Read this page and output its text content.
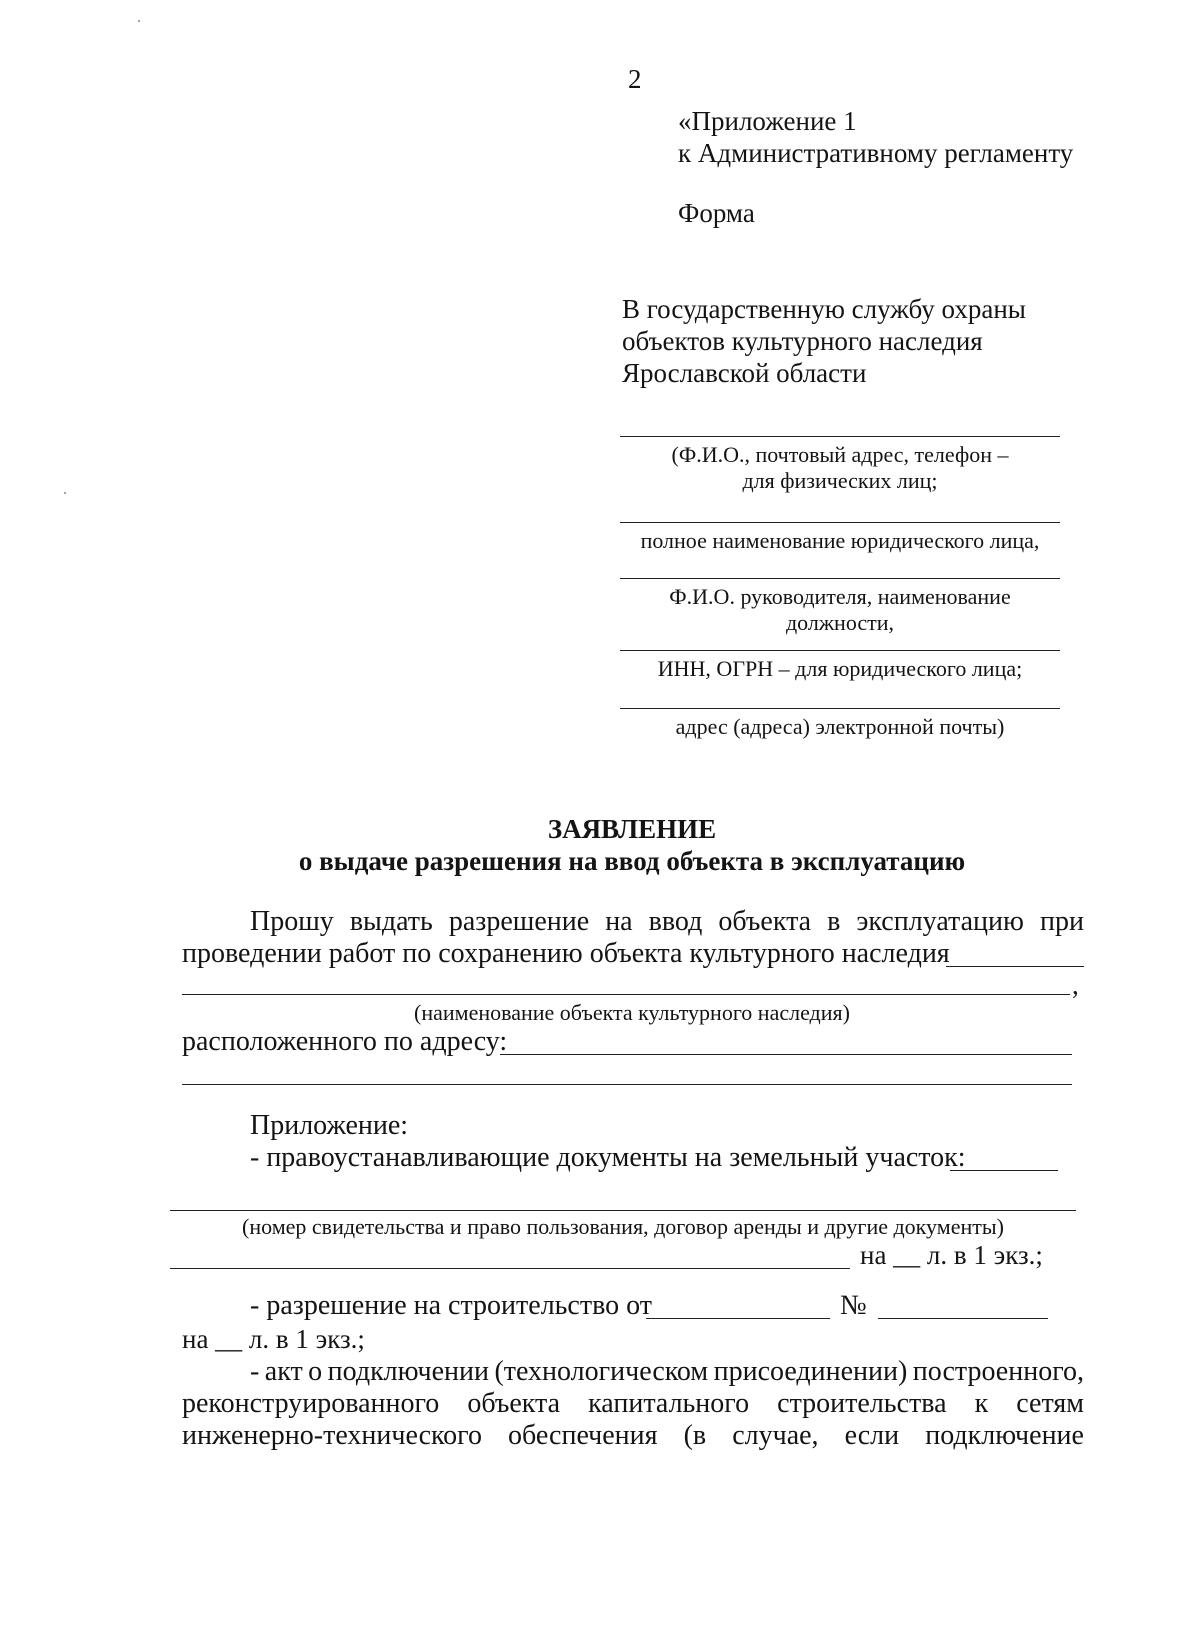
2
«Приложение 1
к Административному регламенту
Форма
В государственную службу охраны
объектов культурного наследия
Ярославской области
(Ф.И.О., почтовый адрес, телефон –
для физических лиц;
полное наименование юридического лица,
Ф.И.О. руководителя, наименование
должности,
ИНН, ОГРН – для юридического лица;
адрес (адреса) электронной почты)
ЗАЯВЛЕНИЕ
о выдаче разрешения на ввод объекта в эксплуатацию
Прошу выдать разрешение на ввод объекта в эксплуатацию при
проведении работ по сохранению объекта культурного наследия
,
(наименование объекта культурного наследия)
расположенного по адресу:
Приложение:
- правоустанавливающие документы на земельный участок:
(номер свидетельства и право пользования, договор аренды и другие документы)
на __ л. в 1 экз.;
- разрешение на строительство от	№
на __ л. в 1 экз.;
- акт о подключении (технологическом присоединении) построенного,
реконструированного объекта капитального строительства к сетям
инженерно-технического обеспечения (в случае, если подключение
